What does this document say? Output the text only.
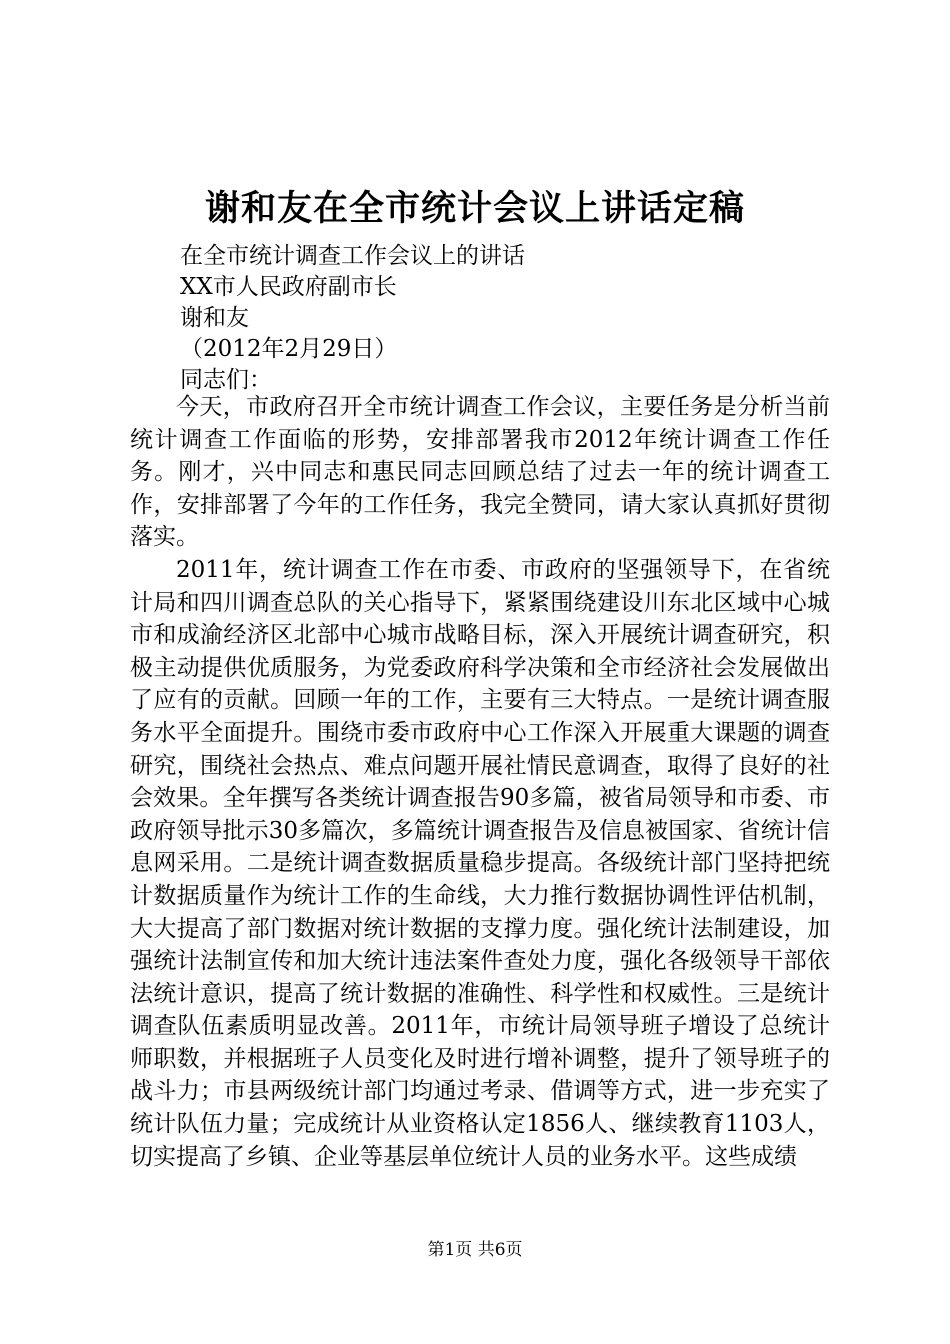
谢和友在全市统计会议上讲话定稿
在全市统计调查工作会议上的讲话
XX市人民政府副市长
谢和友
（2012年2月29日）
同志们：

今天，市政府召开全市统计调查工作会议，主要任务是分析当前统计调查工作面临的形势，安排部署我市2012年统计调查工作任务。刚才，兴中同志和惠民同志回顾总结了过去一年的统计调查工作，安排部署了今年的工作任务，我完全赞同，请大家认真抓好贯彻落实。

2011年，统计调查工作在市委、市政府的坚强领导下，在省统计局和四川调查总队的关心指导下，紧紧围绕建设川东北区域中心城市和成渝经济区北部中心城市战略目标，深入开展统计调查研究，积极主动提供优质服务，为党委政府科学决策和全市经济社会发展做出了应有的贡献。回顾一年的工作，主要有三大特点。一是统计调查服务水平全面提升。围绕市委市政府中心工作深入开展重大课题的调查研究，围绕社会热点、难点问题开展社情民意调查，取得了良好的社会效果。全年撰写各类统计调查报告90多篇，被省局领导和市委、市政府领导批示30多篇次，多篇统计调查报告及信息被国家、省统计信息网采用。二是统计调查数据质量稳步提高。各级统计部门坚持把统计数据质量作为统计工作的生命线，大力推行数据协调性评估机制，大大提高了部门数据对统计数据的支撑力度。强化统计法制建设，加强统计法制宣传和加大统计违法案件查处力度，强化各级领导干部依法统计意识，提高了统计数据的准确性、科学性和权威性。三是统计调查队伍素质明显改善。2011年，市统计局领导班子增设了总统计师职数，并根据班子人员变化及时进行增补调整，提升了领导班子的战斗力；市县两级统计部门均通过考录、借调等方式，进一步充实了统计队伍力量；完成统计从业资格认定1856人、继续教育1103人，切实提高了乡镇、企业等基层单位统计人员的业务水平。这些成绩

第1页 共6页
